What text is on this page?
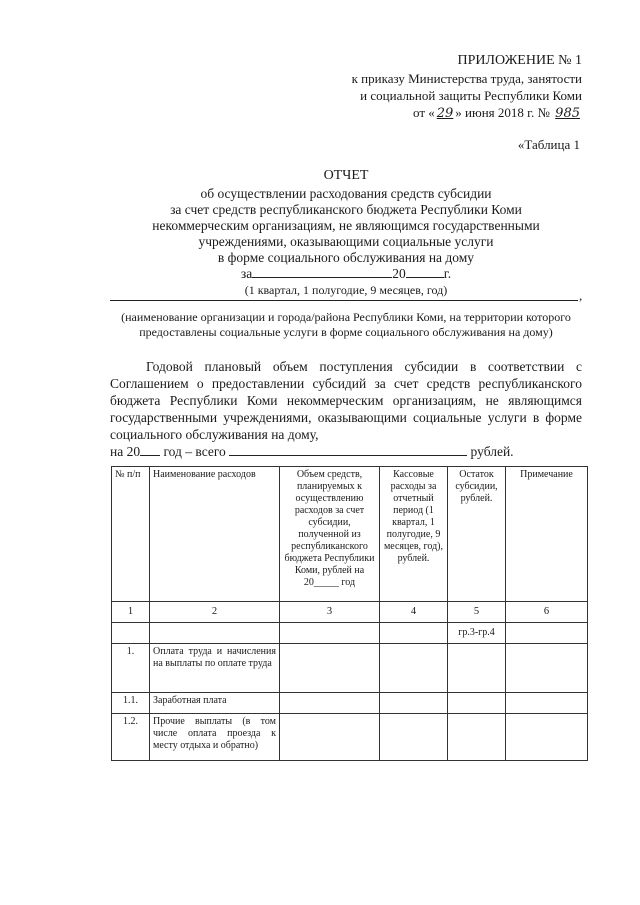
ПРИЛОЖЕНИЕ № 1
к приказу Министерства труда, занятости
и социальной защиты Республики Коми
от « 29 » июня 2018 г. № 985
«Таблица 1
ОТЧЕТ
об осуществлении расходования средств субсидии
за счет средств республиканского бюджета Республики Коми
некоммерческим организациям, не являющимся государственными
учреждениями, оказывающими социальные услуги
в форме социального обслуживания на дому
за	20	г.
(1 квартал, 1 полугодие, 9 месяцев, год)	,
(наименование организации и города/района Республики Коми, на территории которого предоставлены социальные услуги в форме социального обслуживания на дому)

Годовой плановый объем поступления субсидии в соответствии с Соглашением о предоставлении субсидий за счет средств республиканского бюджета Республики Коми некоммерческим организациям, не являющимся государственными учреждениями, оказывающими социальные услуги в форме социального обслуживания на дому,

на 20 год – всего	рублей.
№ п/п	Наименование расходов	Объем средств, планируемых к осуществлению расходов за счет субсидии, полученной из республиканского бюджета Республики Коми, рублей на 20_____ год	Кассовые расходы за отчетный период (1 квартал, 1 полугодие, 9 месяцев, год), рублей.	Остаток субсидии, рублей.	Примечание
1	2	3	4	5	6
				гр.3-гр.4	
1.	Оплата труда и начисления на выплаты по оплате труда				
1.1.	Заработная плата				
1.2.	Прочие выплаты (в том числе оплата проезда к месту отдыха и обратно)				
